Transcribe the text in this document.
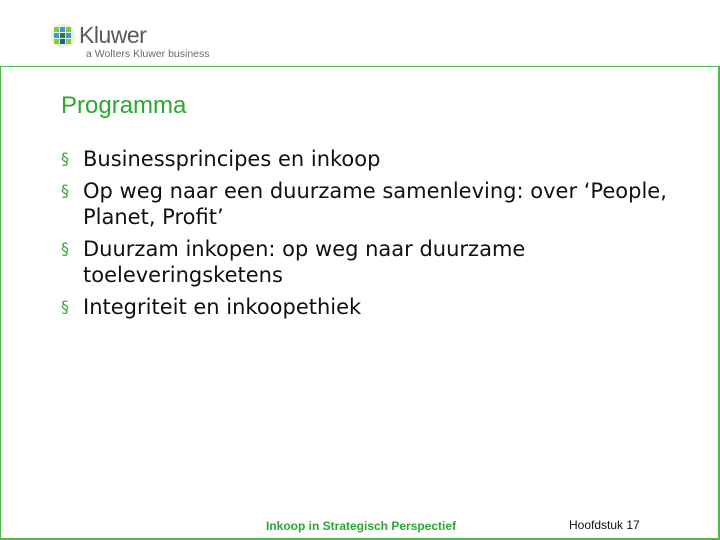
Kluwer
a Wolters Kluwer business
Programma
§ Businessprincipes en inkoop
§ Op weg naar een duurzame samenleving: over ‘People, Planet, Profit’
§ Duurzam inkopen: op weg naar duurzame toeleveringsketens
§ Integriteit en inkoopethiek
Inkoop in Strategisch Perspectief	Hoofdstuk 17
